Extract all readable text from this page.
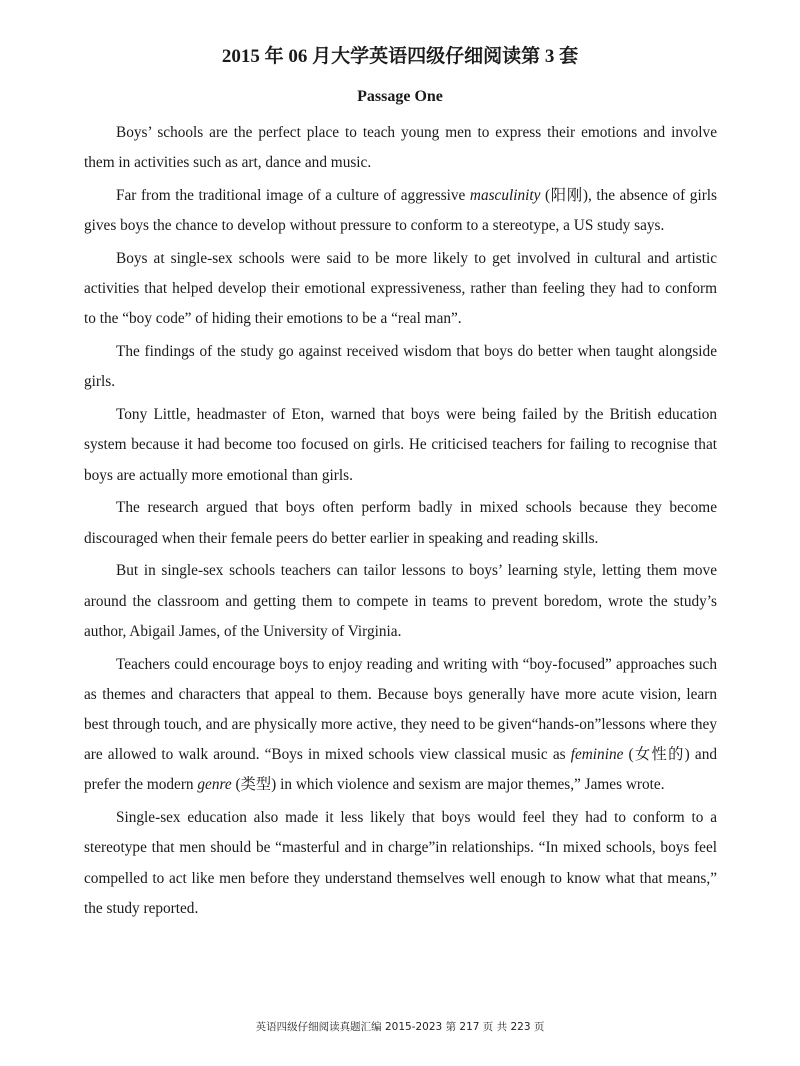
2015 年 06 月大学英语四级仔细阅读第 3 套
Passage One

Boys’ schools are the perfect place to teach young men to express their emotions and involve them in activities such as art, dance and music.

Far from the traditional image of a culture of aggressive masculinity (阳刚), the absence of girls gives boys the chance to develop without pressure to conform to a stereotype, a US study says.

Boys at single-sex schools were said to be more likely to get involved in cultural and artistic activities that helped develop their emotional expressiveness, rather than feeling they had to conform to the “boy code” of hiding their emotions to be a “real man”.

The findings of the study go against received wisdom that boys do better when taught alongside girls.

Tony Little, headmaster of Eton, warned that boys were being failed by the British education system because it had become too focused on girls. He criticised teachers for failing to recognise that boys are actually more emotional than girls.

The research argued that boys often perform badly in mixed schools because they become discouraged when their female peers do better earlier in speaking and reading skills.

But in single-sex schools teachers can tailor lessons to boys’ learning style, letting them move around the classroom and getting them to compete in teams to prevent boredom, wrote the study’s author, Abigail James, of the University of Virginia.

Teachers could encourage boys to enjoy reading and writing with “boy-focused” approaches such as themes and characters that appeal to them. Because boys generally have more acute vision, learn best through touch, and are physically more active, they need to be given“hands-on”lessons where they are allowed to walk around. “Boys in mixed schools view classical music as feminine (女性的) and prefer the modern genre (类型) in which violence and sexism are major themes,” James wrote.

Single-sex education also made it less likely that boys would feel they had to conform to a stereotype that men should be “masterful and in charge”in relationships. “In mixed schools, boys feel compelled to act like men before they understand themselves well enough to know what that means,” the study reported.

英语四级仔细阅读真题汇编 2015-2023 第 217 页 共 223 页
